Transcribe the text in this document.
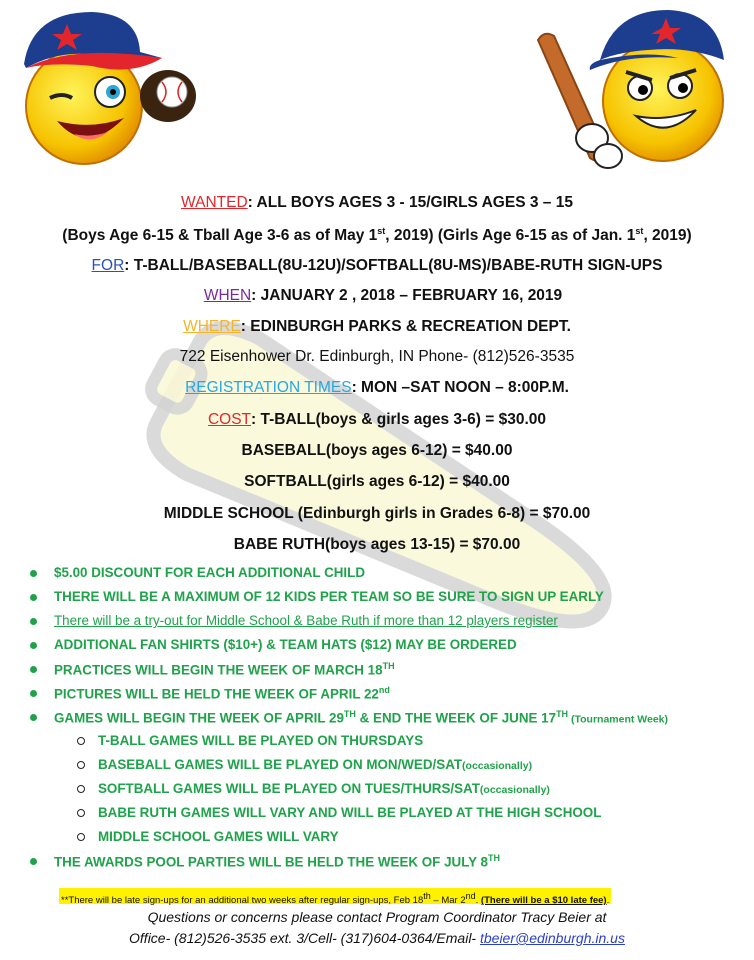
WANTED: ALL BOYS AGES 3 - 15/GIRLS AGES 3 – 15
(Boys Age 6-15 & Tball Age 3-6 as of May 1st, 2019) (Girls Age 6-15 as of Jan. 1st, 2019)
FOR: T-BALL/BASEBALL(8U-12U)/SOFTBALL(8U-MS)/BABE-RUTH SIGN-UPS
WHEN: JANUARY 2 , 2018 – FEBRUARY 16, 2019
WHERE: EDINBURGH PARKS & RECREATION DEPT.
722 Eisenhower Dr. Edinburgh, IN Phone- (812)526-3535
REGISTRATION TIMES: MON –SAT NOON – 8:00P.M.
COST: T-BALL(boys & girls ages 3-6) = $30.00
BASEBALL(boys ages 6-12) = $40.00
SOFTBALL(girls ages 6-12) = $40.00
MIDDLE SCHOOL (Edinburgh girls in Grades 6-8) = $70.00
BABE RUTH(boys ages 13-15) = $70.00
$5.00 DISCOUNT FOR EACH ADDITIONAL CHILD
THERE WILL BE A MAXIMUM OF 12 KIDS PER TEAM SO BE SURE TO SIGN UP EARLY
There will be a try-out for Middle School & Babe Ruth if more than 12 players register
ADDITIONAL FAN SHIRTS ($10+) & TEAM HATS ($12) MAY BE ORDERED
PRACTICES WILL BEGIN THE WEEK OF MARCH 18TH
PICTURES WILL BE HELD THE WEEK OF APRIL 22nd
GAMES WILL BEGIN THE WEEK OF APRIL 29TH & END THE WEEK OF JUNE 17TH (Tournament Week)
T-BALL GAMES WILL BE PLAYED ON THURSDAYS
BASEBALL GAMES WILL BE PLAYED ON MON/WED/SAT(occasionally)
SOFTBALL GAMES WILL BE PLAYED ON TUES/THURS/SAT(occasionally)
BABE RUTH GAMES WILL VARY AND WILL BE PLAYED AT THE HIGH SCHOOL
MIDDLE SCHOOL GAMES WILL VARY
THE AWARDS POOL PARTIES WILL BE HELD THE WEEK OF JULY 8TH
**There will be late sign-ups for an additional two weeks after regular sign-ups, Feb 18th – Mar 2nd. (There will be a $10 late fee).
Questions or concerns please contact Program Coordinator Tracy Beier at
Office- (812)526-3535 ext. 3/Cell- (317)604-0364/Email- tbeier@edinburgh.in.us
